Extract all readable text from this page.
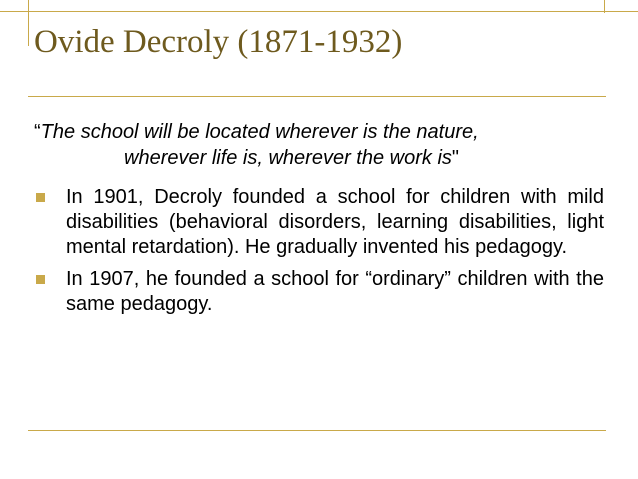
Ovide Decroly (1871-1932)

“The school will be located wherever is the nature,
wherever life is, wherever the work is"

In 1901, Decroly founded a school for children with mild disabilities (behavioral disorders, learning disabilities, light mental retardation). He gradually invented his pedagogy.
In 1907, he founded a school for “ordinary” children with the same pedagogy.
